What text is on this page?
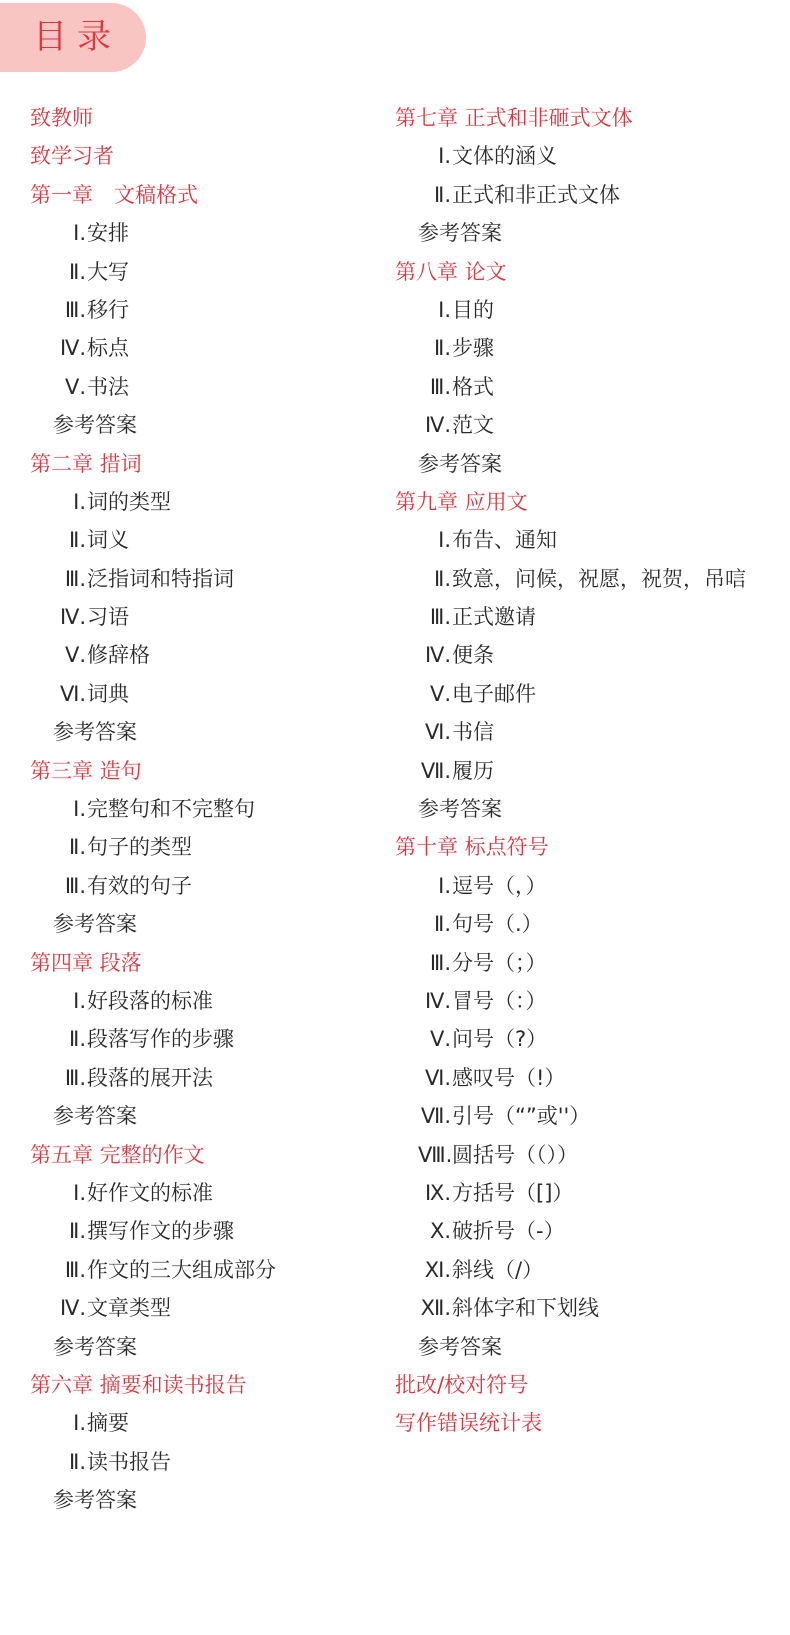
目录
致教师
致学习者
第一章　文稿格式
Ⅰ. 安排
Ⅱ. 大写
Ⅲ. 移行
Ⅳ. 标点
Ⅴ. 书法
参考答案
第二章 措词
Ⅰ. 词的类型
Ⅱ. 词义
Ⅲ. 泛指词和特指词
Ⅳ. 习语
Ⅴ. 修辞格
Ⅵ. 词典
参考答案
第三章 造句
Ⅰ. 完整句和不完整句
Ⅱ. 句子的类型
Ⅲ. 有效的句子
参考答案
第四章 段落
Ⅰ. 好段落的标准
Ⅱ. 段落写作的步骤
Ⅲ. 段落的展开法
参考答案
第五章 完整的作文
Ⅰ. 好作文的标准
Ⅱ. 撰写作文的步骤
Ⅲ. 作文的三大组成部分
Ⅳ. 文章类型
参考答案
第六章 摘要和读书报告
Ⅰ. 摘要
Ⅱ. 读书报告
参考答案
第七章 正式和非砸式文体
Ⅰ. 文体的涵义
Ⅱ. 正式和非正式文体
参考答案
第八章 论文
Ⅰ. 目的
Ⅱ. 步骤
Ⅲ. 格式
Ⅳ. 范文
参考答案
第九章 应用文
Ⅰ. 布告、通知
Ⅱ. 致意，问候，祝愿，祝贺，吊唁
Ⅲ. 正式邀请
Ⅳ. 便条
Ⅴ. 电子邮件
Ⅵ. 书信
Ⅶ. 履历
参考答案
第十章 标点符号
Ⅰ. 逗号（，）
Ⅱ. 句号（.）
Ⅲ. 分号（；）
Ⅳ. 冒号（：）
Ⅴ. 问号（?）
Ⅵ. 感叹号（!）
Ⅶ. 引号（“”或''）
Ⅷ. 圆括号（（））
Ⅸ. 方括号（[]）
Ⅹ. 破折号（-）
Ⅺ. 斜线（/）
Ⅻ. 斜体字和下划线
参考答案
批改/校对符号
写作错误统计表
